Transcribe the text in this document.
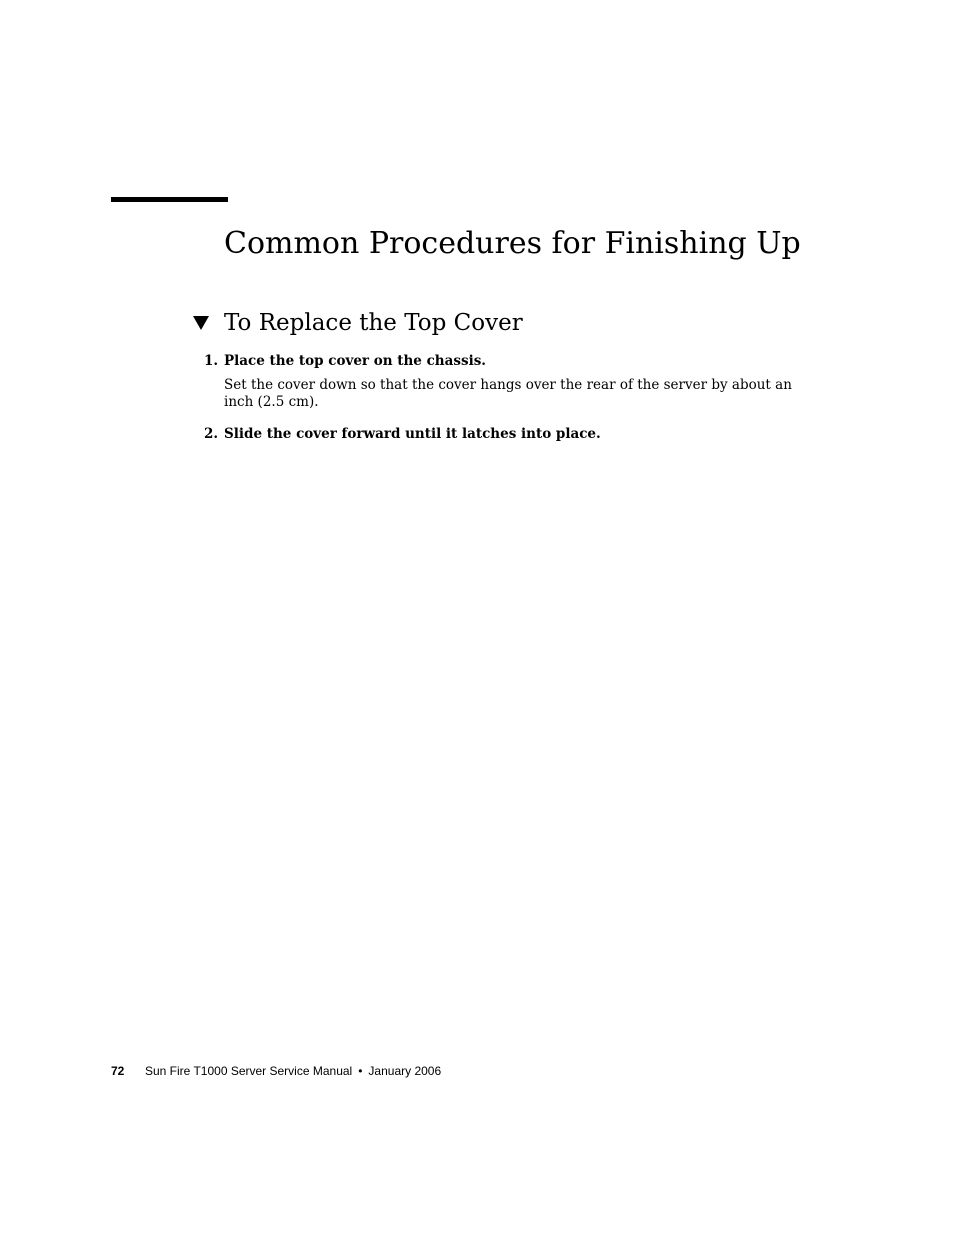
Common Procedures for Finishing Up
To Replace the Top Cover
1. Place the top cover on the chassis.

Set the cover down so that the cover hangs over the rear of the server by about an inch (2.5 cm).

2. Slide the cover forward until it latches into place.
72 Sun Fire T1000 Server Service Manual • January 2006
